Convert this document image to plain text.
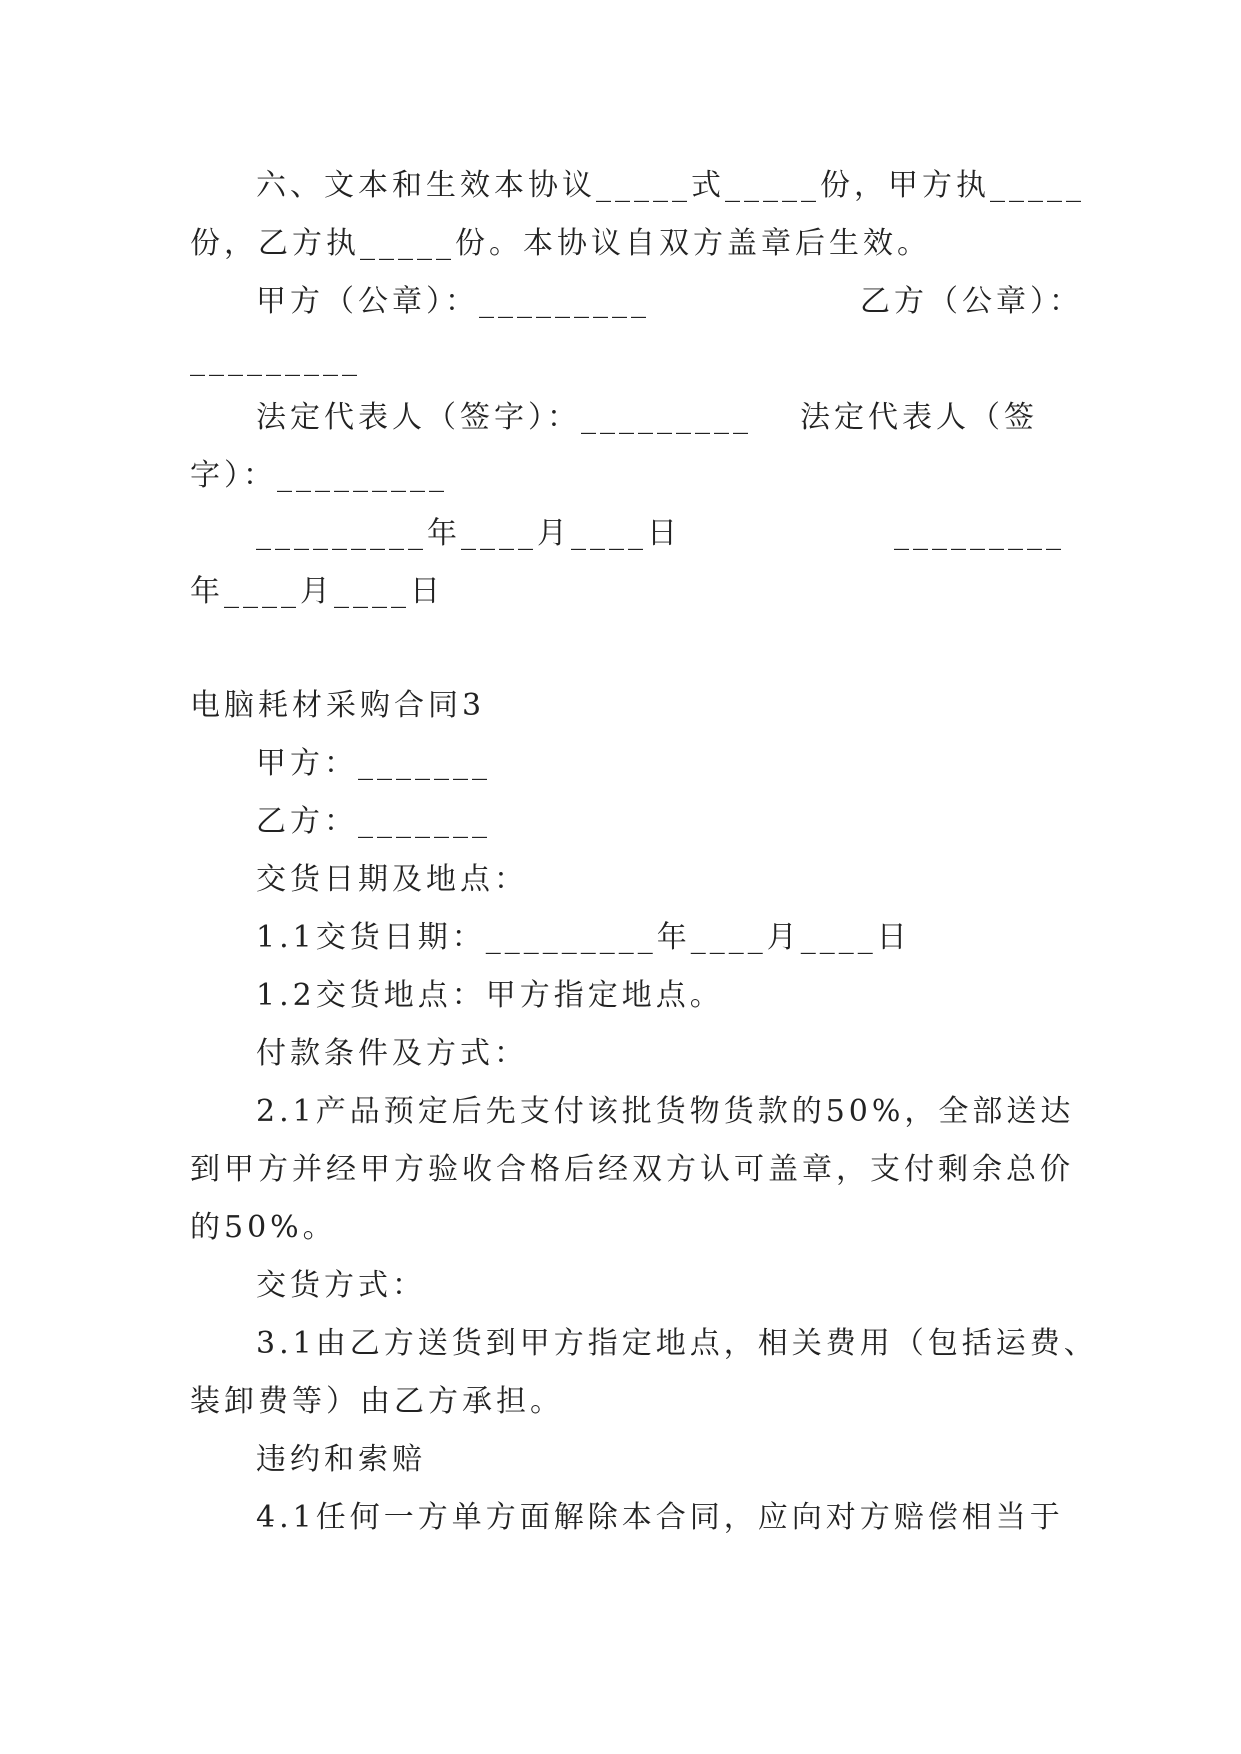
六、文本和生效本协议_____式_____份，甲方执_____
份，乙方执_____份。本协议自双方盖章后生效。
甲方（公章）：_________	乙方（公章）：
_________
法定代表人（签字）：_________ 法定代表人（签
字）：_________
_________年____月____日	_________
年____月____日
电脑耗材采购合同3
甲方：_______
乙方：_______
交货日期及地点：
1.1交货日期：_________年____月____日
1.2交货地点：甲方指定地点。
付款条件及方式：
2.1产品预定后先支付该批货物货款的50%，全部送达
到甲方并经甲方验收合格后经双方认可盖章，支付剩余总价
的50%。
交货方式：
3.1由乙方送货到甲方指定地点，相关费用（包括运费、
装卸费等）由乙方承担。
违约和索赔
4.1任何一方单方面解除本合同，应向对方赔偿相当于
